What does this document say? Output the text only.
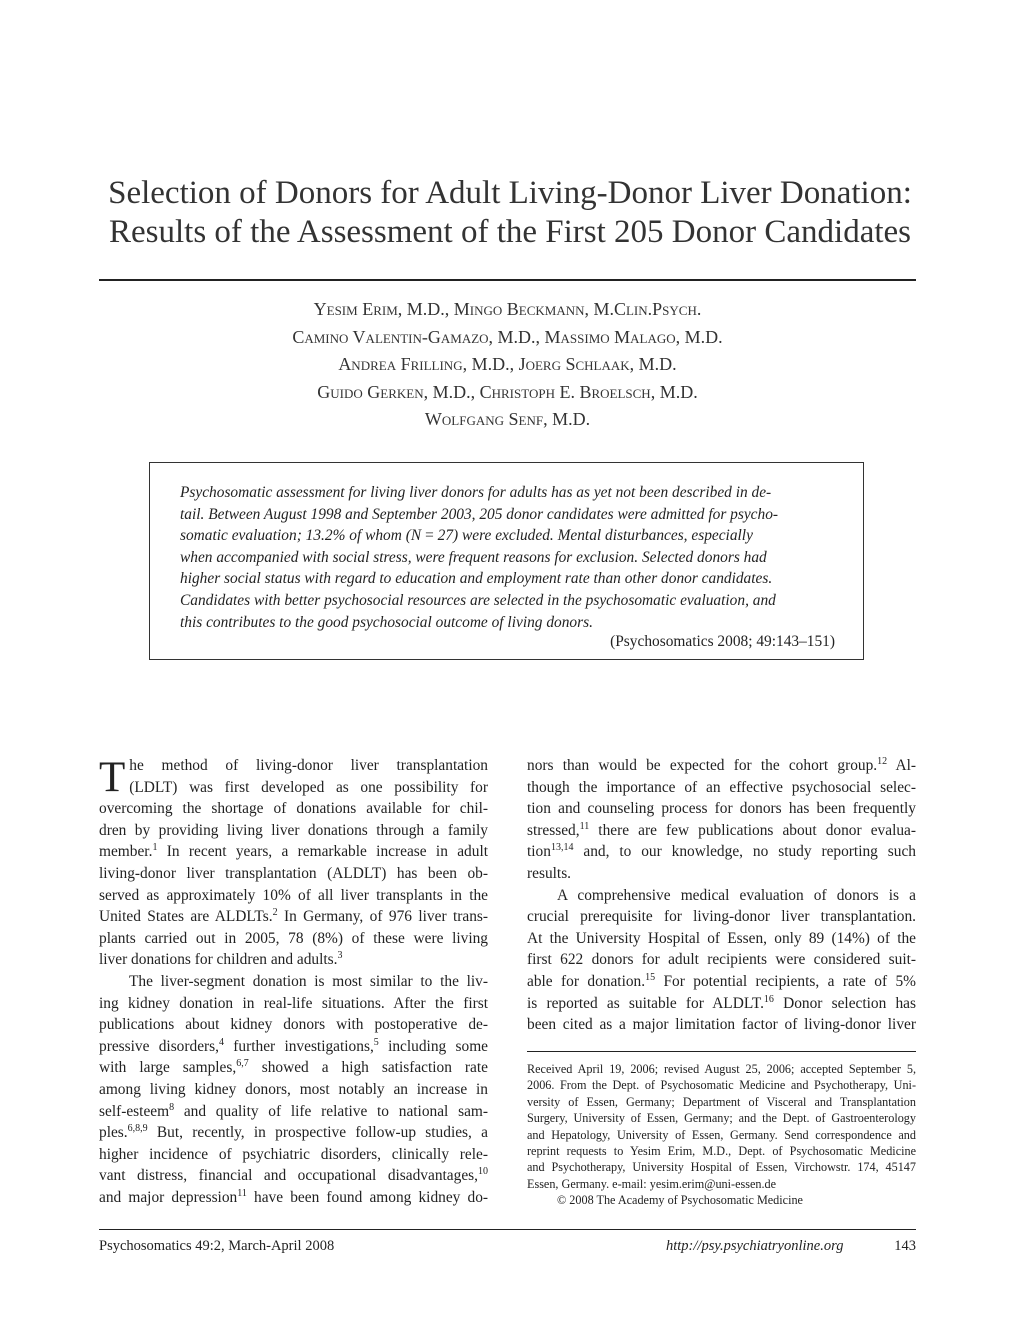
Selection of Donors for Adult Living-Donor Liver Donation:
Results of the Assessment of the First 205 Donor Candidates
Yesim Erim, M.D., Mingo Beckmann, M.Clin.Psych.
Camino Valentin-Gamazo, M.D., Massimo Malago, M.D.
Andrea Frilling, M.D., Joerg Schlaak, M.D.
Guido Gerken, M.D., Christoph E. Broelsch, M.D.
Wolfgang Senf, M.D.
Psychosomatic assessment for living liver donors for adults has as yet not been described in de-
tail. Between August 1998 and September 2003, 205 donor candidates were admitted for psycho-
somatic evaluation; 13.2% of whom (N = 27) were excluded. Mental disturbances, especially
when accompanied with social stress, were frequent reasons for exclusion. Selected donors had
higher social status with regard to education and employment rate than other donor candidates.
Candidates with better psychosocial resources are selected in the psychosomatic evaluation, and
this contributes to the good psychosocial outcome of living donors.
(Psychosomatics 2008; 49:143–151)
T he method of living-donor liver transplantation
(LDLT) was first developed as one possibility for
overcoming the shortage of donations available for chil-
dren by providing living liver donations through a family
member.$^1$ In recent years, a remarkable increase in adult
living-donor liver transplantation (ALDLT) has been ob-
served as approximately 10% of all liver transplants in the
United States are ALDLTs.$^2$ In Germany, of 976 liver trans-
plants carried out in 2005, 78 (8%) of these were living
liver donations for children and adults.$^3$
The liver-segment donation is most similar to the liv-
ing kidney donation in real-life situations. After the first
publications about kidney donors with postoperative de-
pressive disorders,$^4$ further investigations,$^5$ including some
with large samples,$^{6,7}$ showed a high satisfaction rate
among living kidney donors, most notably an increase in
self-esteem$^8$ and quality of life relative to national sam-
ples.$^{6,8,9}$ But, recently, in prospective follow-up studies, a
higher incidence of psychiatric disorders, clinically rele-
vant distress, financial and occupational disadvantages,$^{10}$
and major depression$^{11}$ have been found among kidney do-
nors than would be expected for the cohort group.$^{12}$ Al-
though the importance of an effective psychosocial selec-
tion and counseling process for donors has been frequently
stressed,$^{11}$ there are few publications about donor evalua-
tion$^{13,14}$ and, to our knowledge, no study reporting such
results.
A comprehensive medical evaluation of donors is a
crucial prerequisite for living-donor liver transplantation.
At the University Hospital of Essen, only 89 (14%) of the
first 622 donors for adult recipients were considered suit-
able for donation.$^{15}$ For potential recipients, a rate of 5%
is reported as suitable for ALDLT.$^{16}$ Donor selection has
been cited as a major limitation factor of living-donor liver
Received April 19, 2006; revised August 25, 2006; accepted September 5,
2006. From the Dept. of Psychosomatic Medicine and Psychotherapy, Uni-
versity of Essen, Germany; Department of Visceral and Transplantation
Surgery, University of Essen, Germany; and the Dept. of Gastroenterology
and Hepatology, University of Essen, Germany. Send correspondence and
reprint requests to Yesim Erim, M.D., Dept. of Psychosomatic Medicine
and Psychotherapy, University Hospital of Essen, Virchowstr. 174, 45147
Essen, Germany. e-mail: yesim.erim@uni-essen.de
© 2008 The Academy of Psychosomatic Medicine
Psychosomatics 49:2, March-April 2008	http://psy.psychiatryonline.org	143
